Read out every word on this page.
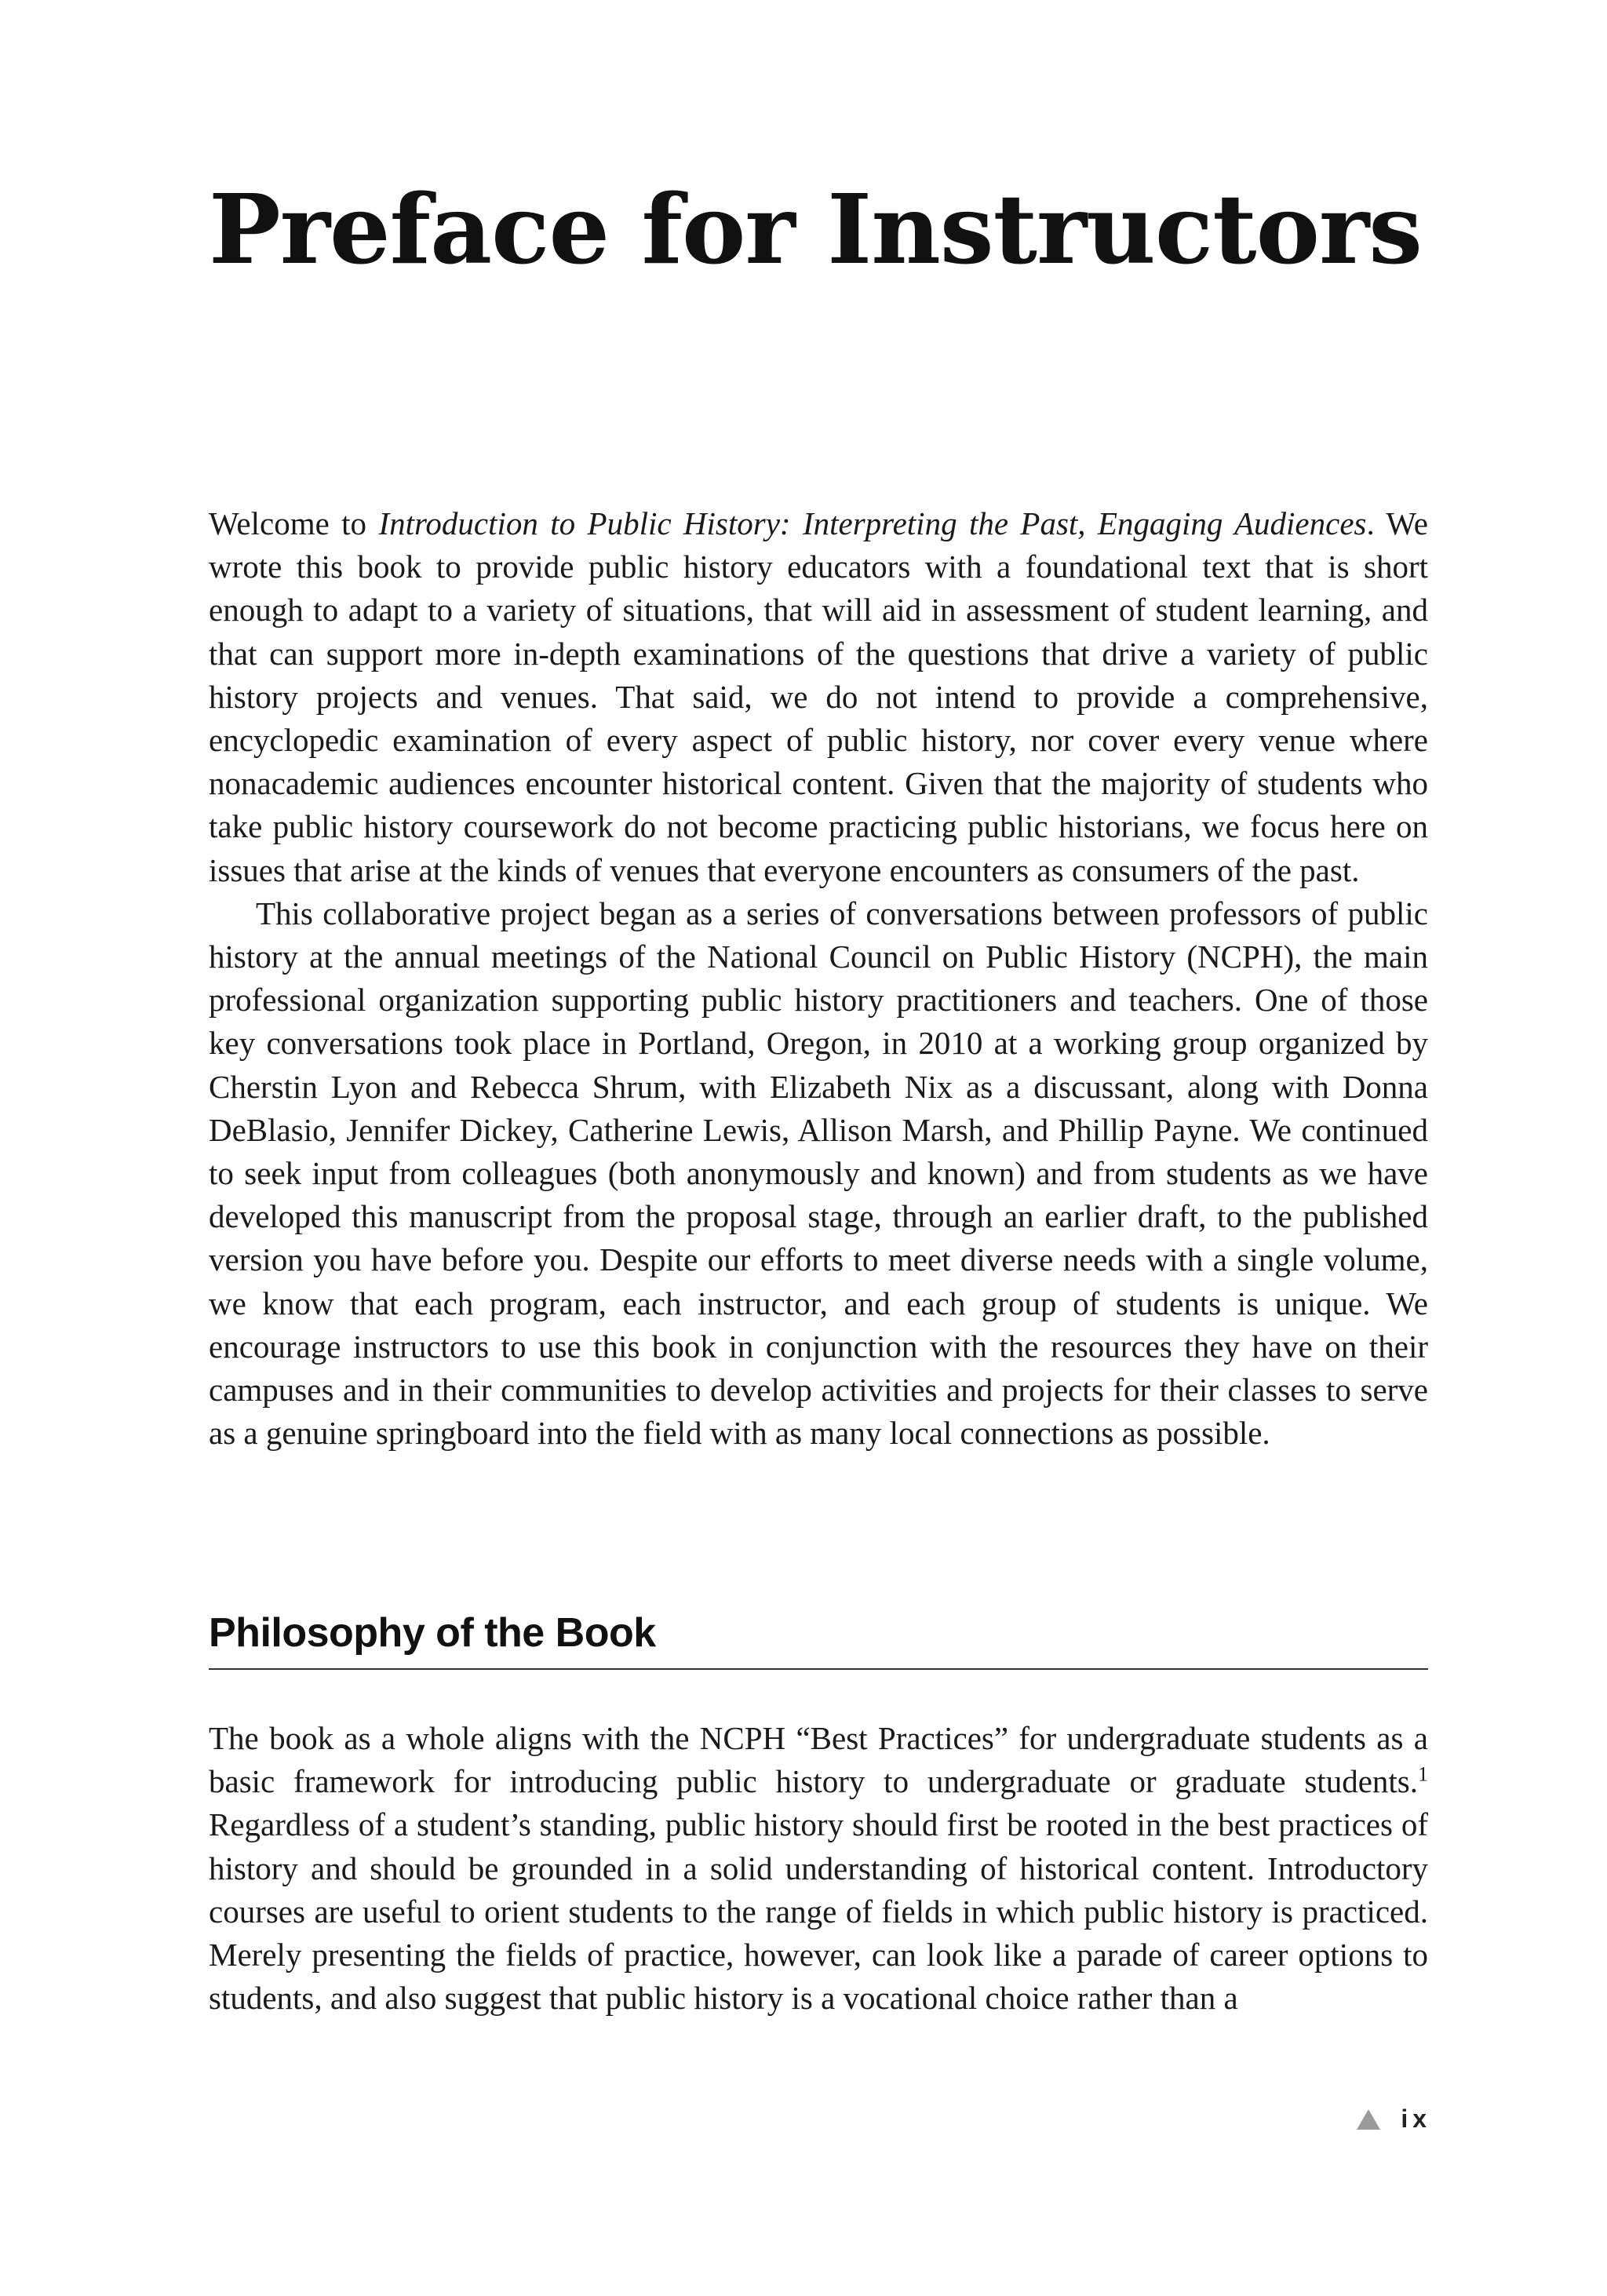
Preface for Instructors

Welcome to Introduction to Public History: Interpreting the Past, Engaging Audiences. We wrote this book to provide public history educators with a foundational text that is short enough to adapt to a variety of situations, that will aid in assessment of student learning, and that can support more in-depth examinations of the questions that drive a variety of public history projects and venues. That said, we do not intend to provide a comprehensive, encyclopedic examination of every aspect of public history, nor cover every venue where nonacademic audiences encounter historical content. Given that the majority of students who take public history coursework do not become practicing public historians, we focus here on issues that arise at the kinds of venues that everyone encounters as consumers of the past.

This collaborative project began as a series of conversations between professors of public history at the annual meetings of the National Council on Public History (NCPH), the main professional organization supporting public history practitioners and teachers. One of those key conversations took place in Portland, Oregon, in 2010 at a working group organized by Cherstin Lyon and Rebecca Shrum, with Elizabeth Nix as a discussant, along with Donna DeBlasio, Jennifer Dickey, Catherine Lewis, Allison Marsh, and Phillip Payne. We continued to seek input from colleagues (both anonymously and known) and from students as we have developed this manuscript from the proposal stage, through an earlier draft, to the published version you have before you. Despite our efforts to meet diverse needs with a single volume, we know that each program, each instructor, and each group of students is unique. We encourage instructors to use this book in conjunction with the resources they have on their campuses and in their communities to develop activities and projects for their classes to serve as a genuine springboard into the field with as many local connections as possible.

Philosophy of the Book

The book as a whole aligns with the NCPH “Best Practices” for undergraduate students as a basic framework for introducing public history to undergraduate or graduate students.$^1$ Regardless of a student’s standing, public history should first be rooted in the best practices of history and should be grounded in a solid understanding of historical content. Introductory courses are useful to orient students to the range of fields in which public history is practiced. Merely presenting the fields of practice, however, can look like a parade of career options to students, and also suggest that public history is a vocational choice rather than a

ix
